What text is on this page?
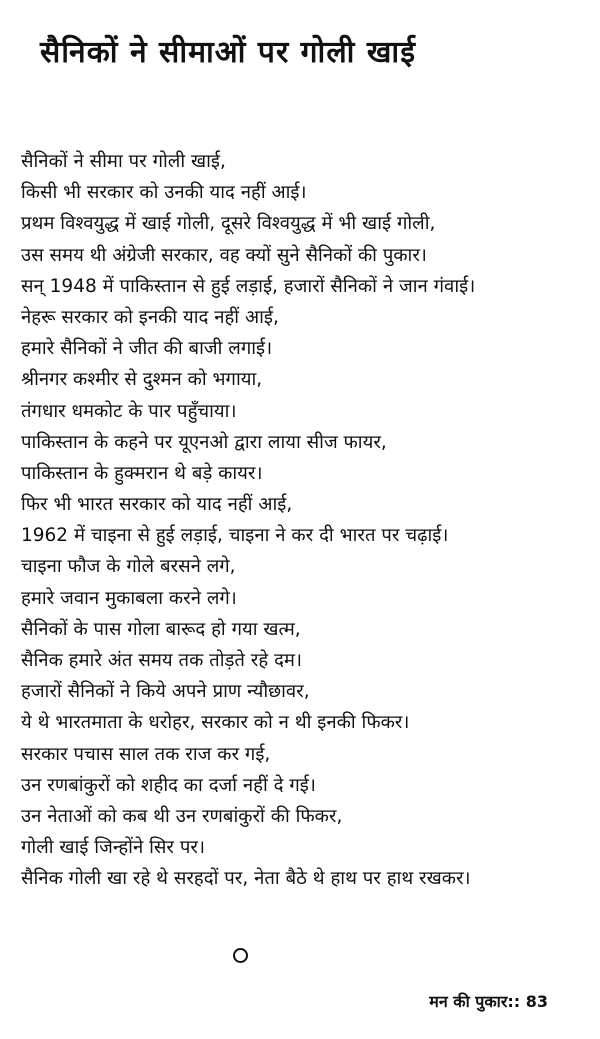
सैनिकों ने सीमाओं पर गोली खाई
सैनिकों ने सीमा पर गोली खाई,
किसी भी सरकार को उनकी याद नहीं आई।
प्रथम विश्वयुद्ध में खाई गोली, दूसरे विश्वयुद्ध में भी खाई गोली,
उस समय थी अंग्रेजी सरकार, वह क्यों सुने सैनिकों की पुकार।
सन् 1948 में पाकिस्तान से हुई लड़ाई, हजारों सैनिकों ने जान गंवाई।
नेहरू सरकार को इनकी याद नहीं आई,
हमारे सैनिकों ने जीत की बाजी लगाई।
श्रीनगर कश्मीर से दुश्मन को भगाया,
तंगधार धमकोट के पार पहुँचाया।
पाकिस्तान के कहने पर यूएनओ द्वारा लाया सीज फायर,
पाकिस्तान के हुक्मरान थे बड़े कायर।
फिर भी भारत सरकार को याद नहीं आई,
1962 में चाइना से हुई लड़ाई, चाइना ने कर दी भारत पर चढ़ाई।
चाइना फौज के गोले बरसने लगे,
हमारे जवान मुकाबला करने लगे।
सैनिकों के पास गोला बारूद हो गया खत्म,
सैनिक हमारे अंत समय तक तोड़ते रहे दम।
हजारों सैनिकों ने किये अपने प्राण न्यौछावर,
ये थे भारतमाता के धरोहर, सरकार को न थी इनकी फिकर।
सरकार पचास साल तक राज कर गई,
उन रणबांकुरों को शहीद का दर्जा नहीं दे गई।
उन नेताओं को कब थी उन रणबांकुरों की फिकर,
गोली खाई जिन्होंने सिर पर।
सैनिक गोली खा रहे थे सरहदों पर, नेता बैठे थे हाथ पर हाथ रखकर।
मन की पुकार:: 83
